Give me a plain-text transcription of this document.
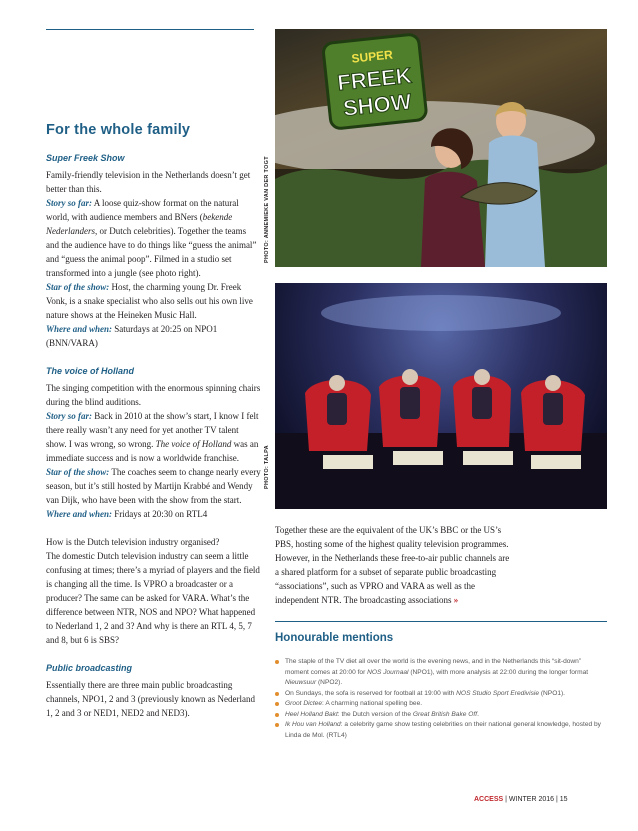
For the whole family

Super Freek Show

Family-friendly television in the Netherlands doesn’t get better than this.

Story so far: A loose quiz-show format on the natural world, with audience members and BNers (bekende Nederlanders, or Dutch celebrities). Together the teams and the audience have to do things like “guess the animal” and “guess the animal poop”. Filmed in a studio set transformed into a jungle (see photo right).

Star of the show: Host, the charming young Dr. Freek Vonk, is a snake specialist who also sells out his own live nature shows at the Heineken Music Hall.

Where and when: Saturdays at 20:25 on NPO1 (BNN/VARA)

The voice of Holland

The singing competition with the enormous spinning chairs during the blind auditions.

Story so far: Back in 2010 at the show’s start, I know I felt there really wasn’t any need for yet another TV talent show. I was wrong, so wrong. The voice of Holland was an immediate success and is now a worldwide franchise.

Star of the show: The coaches seem to change nearly every season, but it’s still hosted by Martijn Krabbé and Wendy van Dijk, who have been with the show from the start.

Where and when: Fridays at 20:30 on RTL4

How is the Dutch television industry organised?

The domestic Dutch television industry can seem a little confusing at times; there’s a myriad of players and the field is changing all the time. Is VPRO a broadcaster or a producer? The same can be asked for VARA. What’s the difference between NTR, NOS and NPO? What happened to Nederland 1, 2 and 3? And why is there an RTL 4, 5, 7 and 8, but 6 is SBS?

Public broadcasting

Essentially there are three main public broadcasting channels, NPO1, 2 and 3 (previously known as Nederland 1, 2 and 3 or NED1, NED2 and NED3).

SUPER
FREEK
SHOW
PHOTO: ANNEMIEKE VAN DER TOGT
PHOTO: TALPA

Together these are the equivalent of the UK’s BBC or the US’s PBS, hosting some of the highest quality television programmes. However, in the Netherlands these free-to-air public channels are a shared platform for a subset of separate public broadcasting “associations”, such as VPRO and VARA as well as the independent NTR. The broadcasting associations »

Honourable mentions
The staple of the TV diet all over the world is the evening news, and in the Netherlands this “sit-down” moment comes at 20:00 for NOS Journaal (NPO1), with more analysis at 22:00 during the longer format Nieuwsuur (NPO2).
On Sundays, the sofa is reserved for football at 19:00 with NOS Studio Sport Eredivisie (NPO1).
Groot Dictee: A charming national spelling bee.
Heel Holland Bakt: the Dutch version of the Great British Bake Off.
Ik Hou van Holland: a celebrity game show testing celebrities on their national general knowledge, hosted by Linda de Mol. (RTL4)
ACCESS | WINTER 2016 | 15
